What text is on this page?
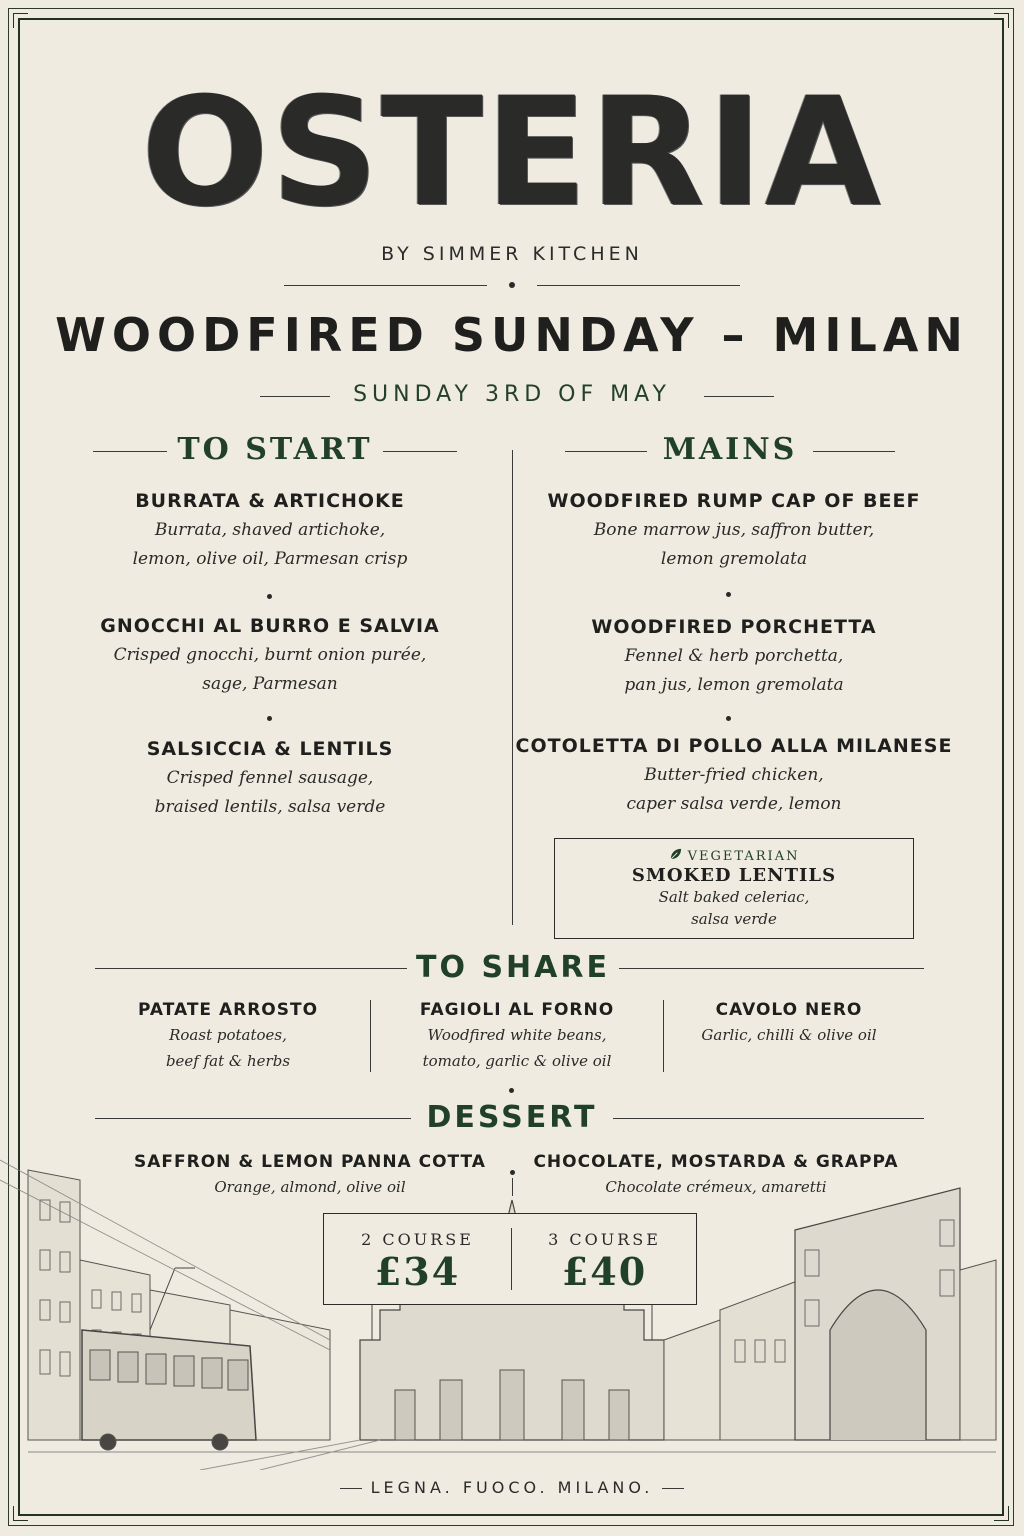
OSTERIA
BY SIMMER KITCHEN
WOODFIRED SUNDAY – MILAN
SUNDAY 3RD OF MAY
TO START
BURRATA & ARTICHOKE
Burrata, shaved artichoke,
lemon, olive oil, Parmesan crisp
GNOCCHI AL BURRO E SALVIA
Crisped gnocchi, burnt onion purée,
sage, Parmesan
SALSICCIA & LENTILS
Crisped fennel sausage,
braised lentils, salsa verde
MAINS
WOODFIRED RUMP CAP OF BEEF
Bone marrow jus, saffron butter,
lemon gremolata
WOODFIRED PORCHETTA
Fennel & herb porchetta,
pan jus, lemon gremolata
COTOLETTA DI POLLO ALLA MILANESE
Butter-fried chicken,
caper salsa verde, lemon
VEGETARIAN
SMOKED LENTILS
Salt baked celeriac,
salsa verde
TO SHARE
PATATE ARROSTO
Roast potatoes,
beef fat & herbs
FAGIOLI AL FORNO
Woodfired white beans,
tomato, garlic & olive oil
CAVOLO NERO
Garlic, chilli & olive oil
DESSERT
SAFFRON & LEMON PANNA COTTA
Orange, almond, olive oil
CHOCOLATE, MOSTARDA & GRAPPA
Chocolate crémeux, amaretti
2 COURSE
£34
3 COURSE
£40
LEGNA. FUOCO. MILANO.
